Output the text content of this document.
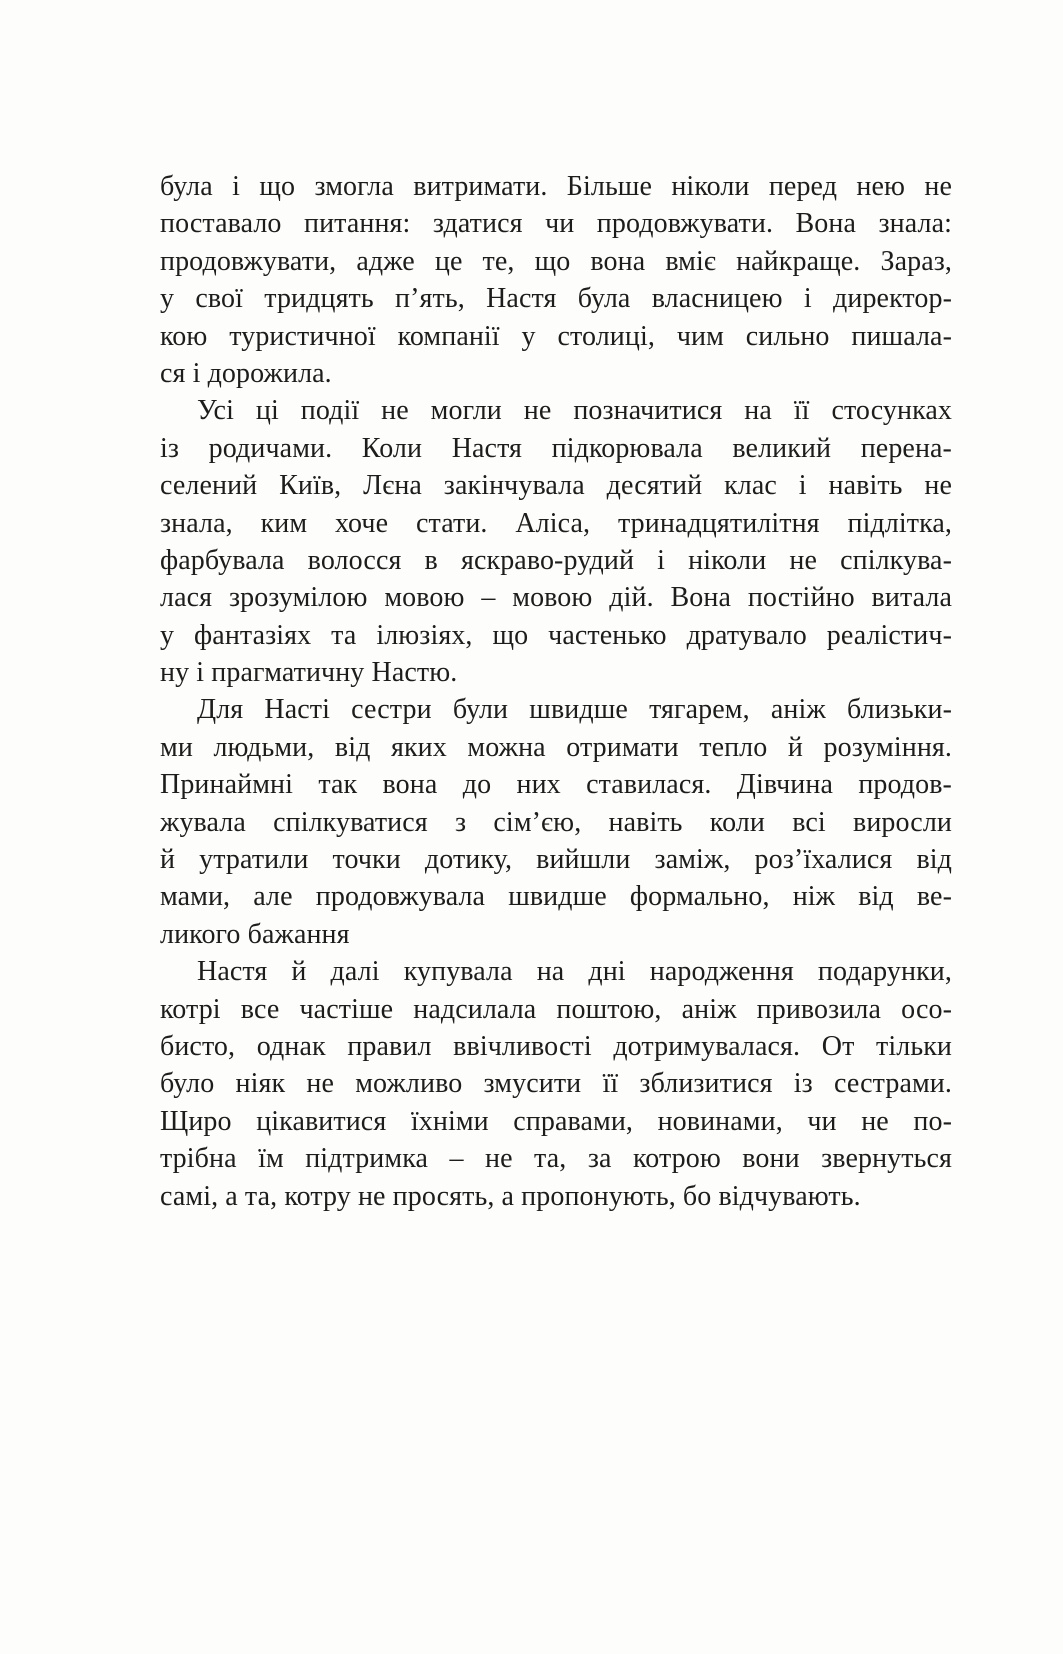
була і що змогла витримати. Більше ніколи перед нею не
поставало питання: здатися чи продовжувати. Вона знала:
продовжувати, адже це те, що вона вміє найкраще. Зараз,
у свої тридцять п’ять, Настя була власницею і директор-
кою туристичної компанії у столиці, чим сильно пишала-
ся і дорожила.
Усі ці події не могли не позначитися на її стосунках
із родичами. Коли Настя підкорювала великий перена-
селений Київ, Лєна закінчувала десятий клас і навіть не
знала, ким хоче стати. Аліса, тринадцятилітня підлітка,
фарбувала волосся в яскраво-рудий і ніколи не спілкува-
лася зрозумілою мовою – мовою дій. Вона постійно витала
у фантазіях та ілюзіях, що частенько дратувало реалістич-
ну і прагматичну Настю.
Для Насті сестри були швидше тягарем, аніж близьки-
ми людьми, від яких можна отримати тепло й розуміння.
Принаймні так вона до них ставилася. Дівчина продов-
жувала спілкуватися з сім’єю, навіть коли всі виросли
й утратили точки дотику, вийшли заміж, роз’їхалися від
мами, але продовжувала швидше формально, ніж від ве-
ликого бажання
Настя й далі купувала на дні народження подарунки,
котрі все частіше надсилала поштою, аніж привозила осо-
бисто, однак правил ввічливості дотримувалася. От тільки
було ніяк не можливо змусити її зблизитися із сестрами.
Щиро цікавитися їхніми справами, новинами, чи не по-
трібна їм підтримка – не та, за котрою вони звернуться
самі, а та, котру не просять, а пропонують, бо відчувають.
